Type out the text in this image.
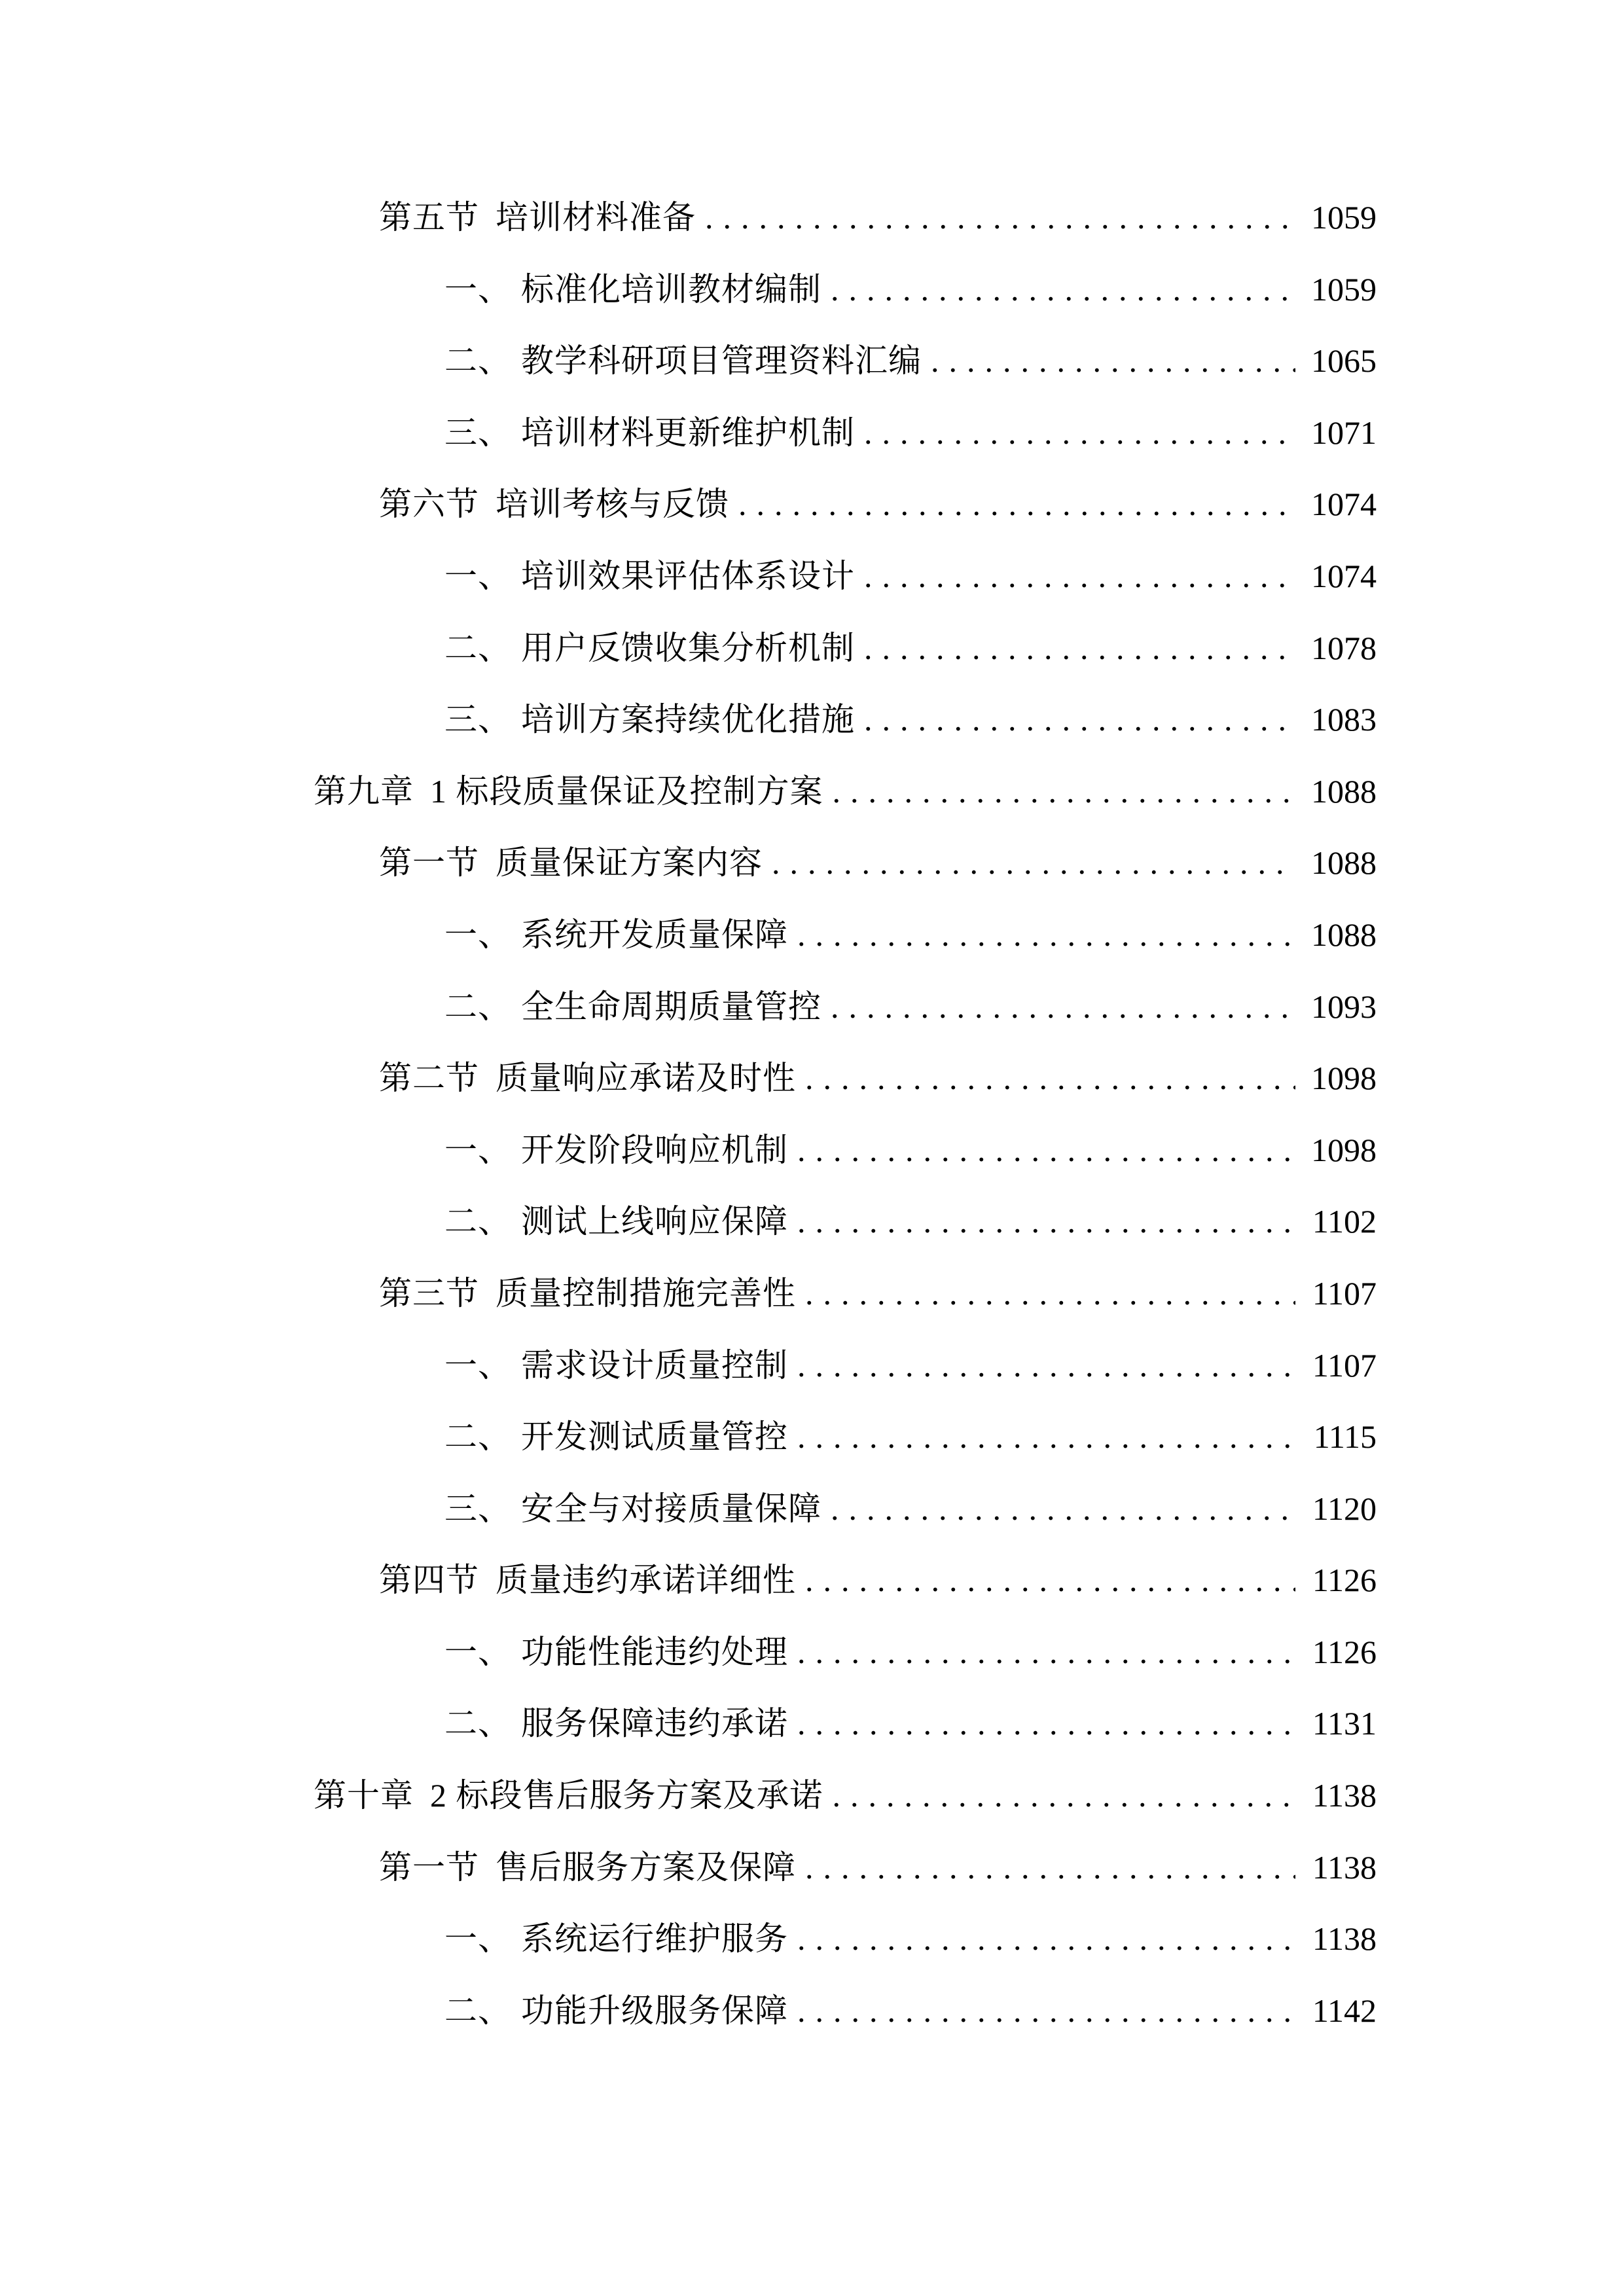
第五节 培训材料准备 .....	1059
一、 标准化培训教材编制 .....	1059
二、 教学科研项目管理资料汇编 .....	1065
三、 培训材料更新维护机制 .....	1071
第六节 培训考核与反馈 .....	1074
一、 培训效果评估体系设计 .....	1074
二、 用户反馈收集分析机制 .....	1078
三、 培训方案持续优化措施 .....	1083
第九章 1 标段质量保证及控制方案 .....	1088
第一节 质量保证方案内容 .....	1088
一、 系统开发质量保障 .....	1088
二、 全生命周期质量管控 .....	1093
第二节 质量响应承诺及时性 .....	1098
一、 开发阶段响应机制 .....	1098
二、 测试上线响应保障 .....	1102
第三节 质量控制措施完善性 .....	1107
一、 需求设计质量控制 .....	1107
二、 开发测试质量管控 .....	1115
三、 安全与对接质量保障 .....	1120
第四节 质量违约承诺详细性 .....	1126
一、 功能性能违约处理 .....	1126
二、 服务保障违约承诺 .....	1131
第十章 2 标段售后服务方案及承诺 .....	1138
第一节 售后服务方案及保障 .....	1138
一、 系统运行维护服务 .....	1138
二、 功能升级服务保障 .....	1142
